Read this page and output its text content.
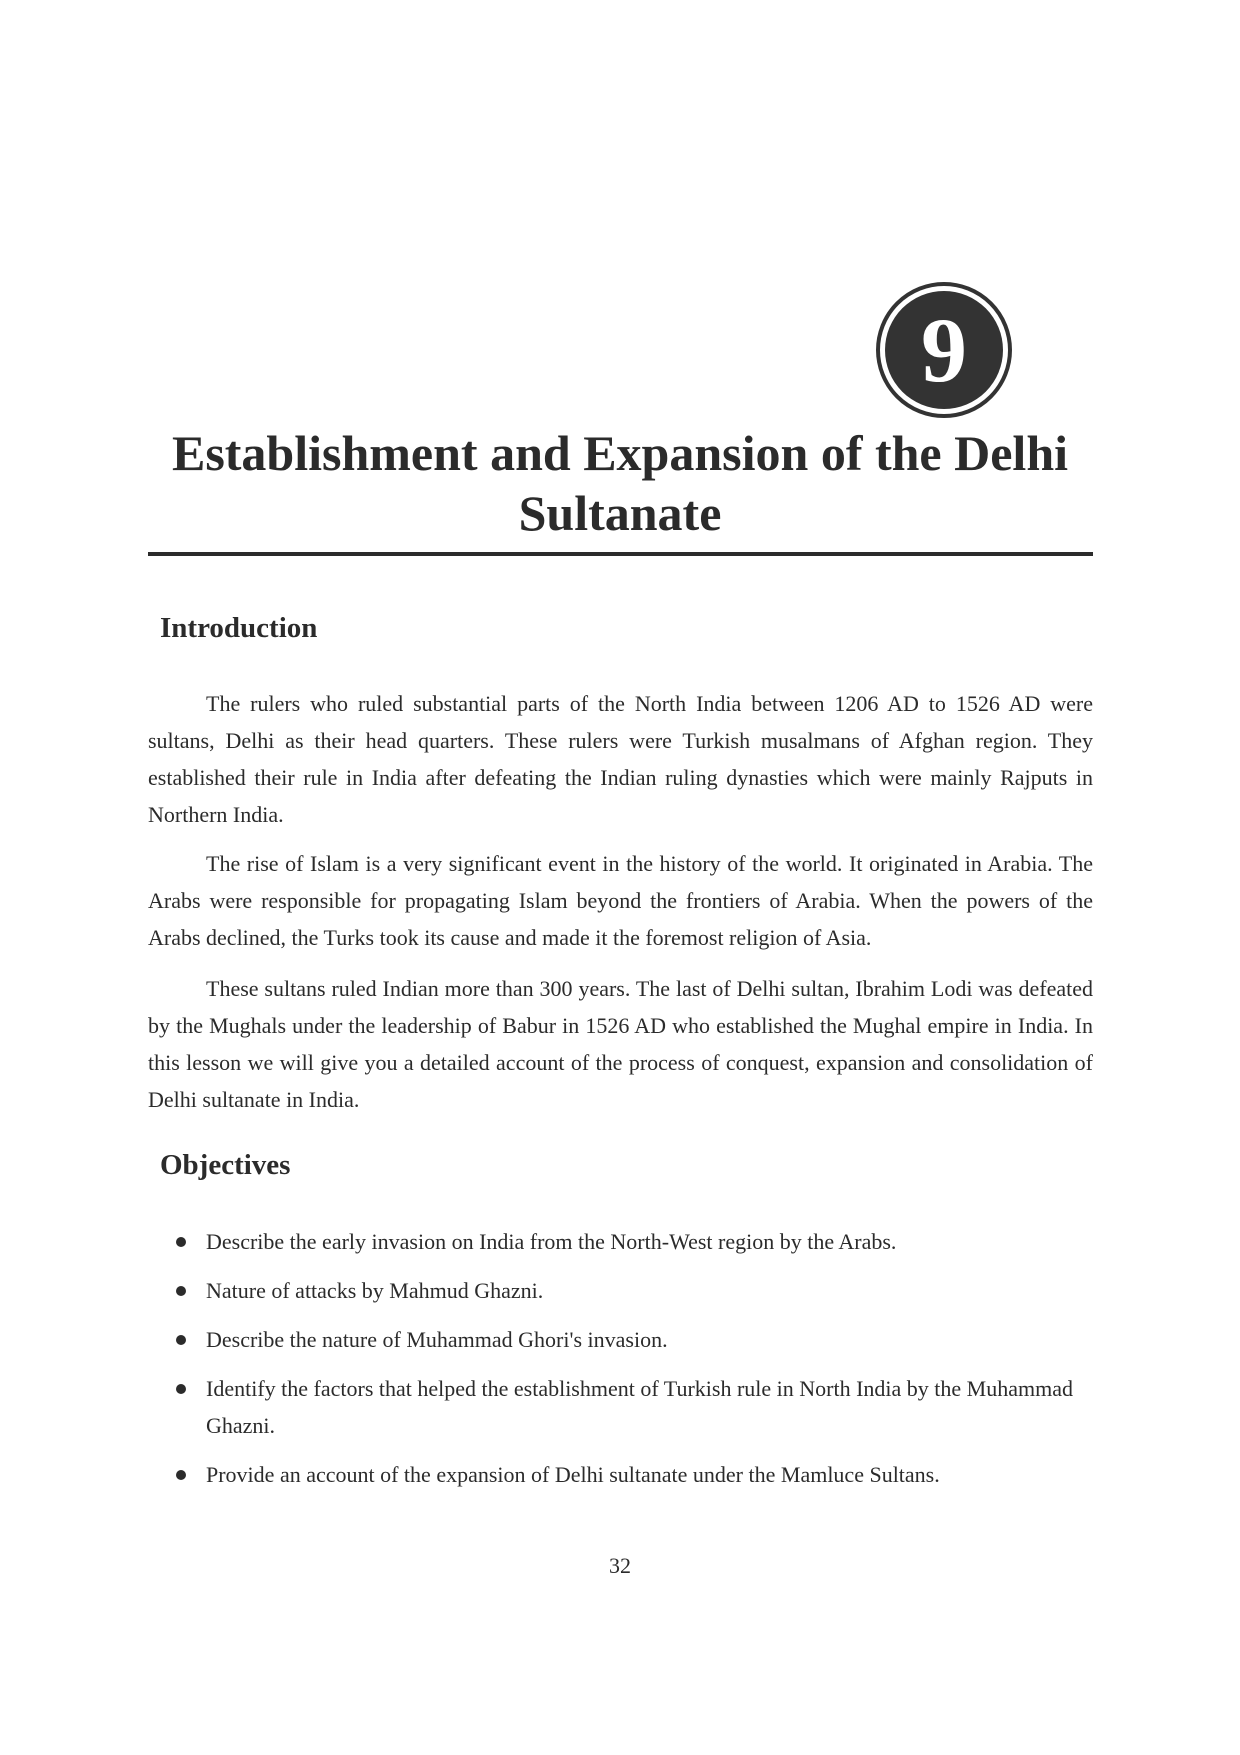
9
Establishment and Expansion of the Delhi Sultanate
Introduction

The rulers who ruled substantial parts of the North India between 1206 AD to 1526 AD were sultans, Delhi as their head quarters. These rulers were Turkish musalmans of Afghan region. They established their rule in India after defeating the Indian ruling dynasties which were mainly Rajputs in Northern India.

The rise of Islam is a very significant event in the history of the world. It originated in Arabia. The Arabs were responsible for propagating Islam beyond the frontiers of Arabia. When the powers of the Arabs declined, the Turks took its cause and made it the foremost religion of Asia.

These sultans ruled Indian more than 300 years. The last of Delhi sultan, Ibrahim Lodi was defeated by the Mughals under the leadership of Babur in 1526 AD who established the Mughal empire in India. In this lesson we will give you a detailed account of the process of conquest, expansion and consolidation of Delhi sultanate in India.

Objectives
Describe the early invasion on India from the North-West region by the Arabs.
Nature of attacks by Mahmud Ghazni.
Describe the nature of Muhammad Ghori's invasion.
Identify the factors that helped the establishment of Turkish rule in North India by the Muhammad Ghazni.
Provide an account of the expansion of Delhi sultanate under the Mamluce Sultans.
32
